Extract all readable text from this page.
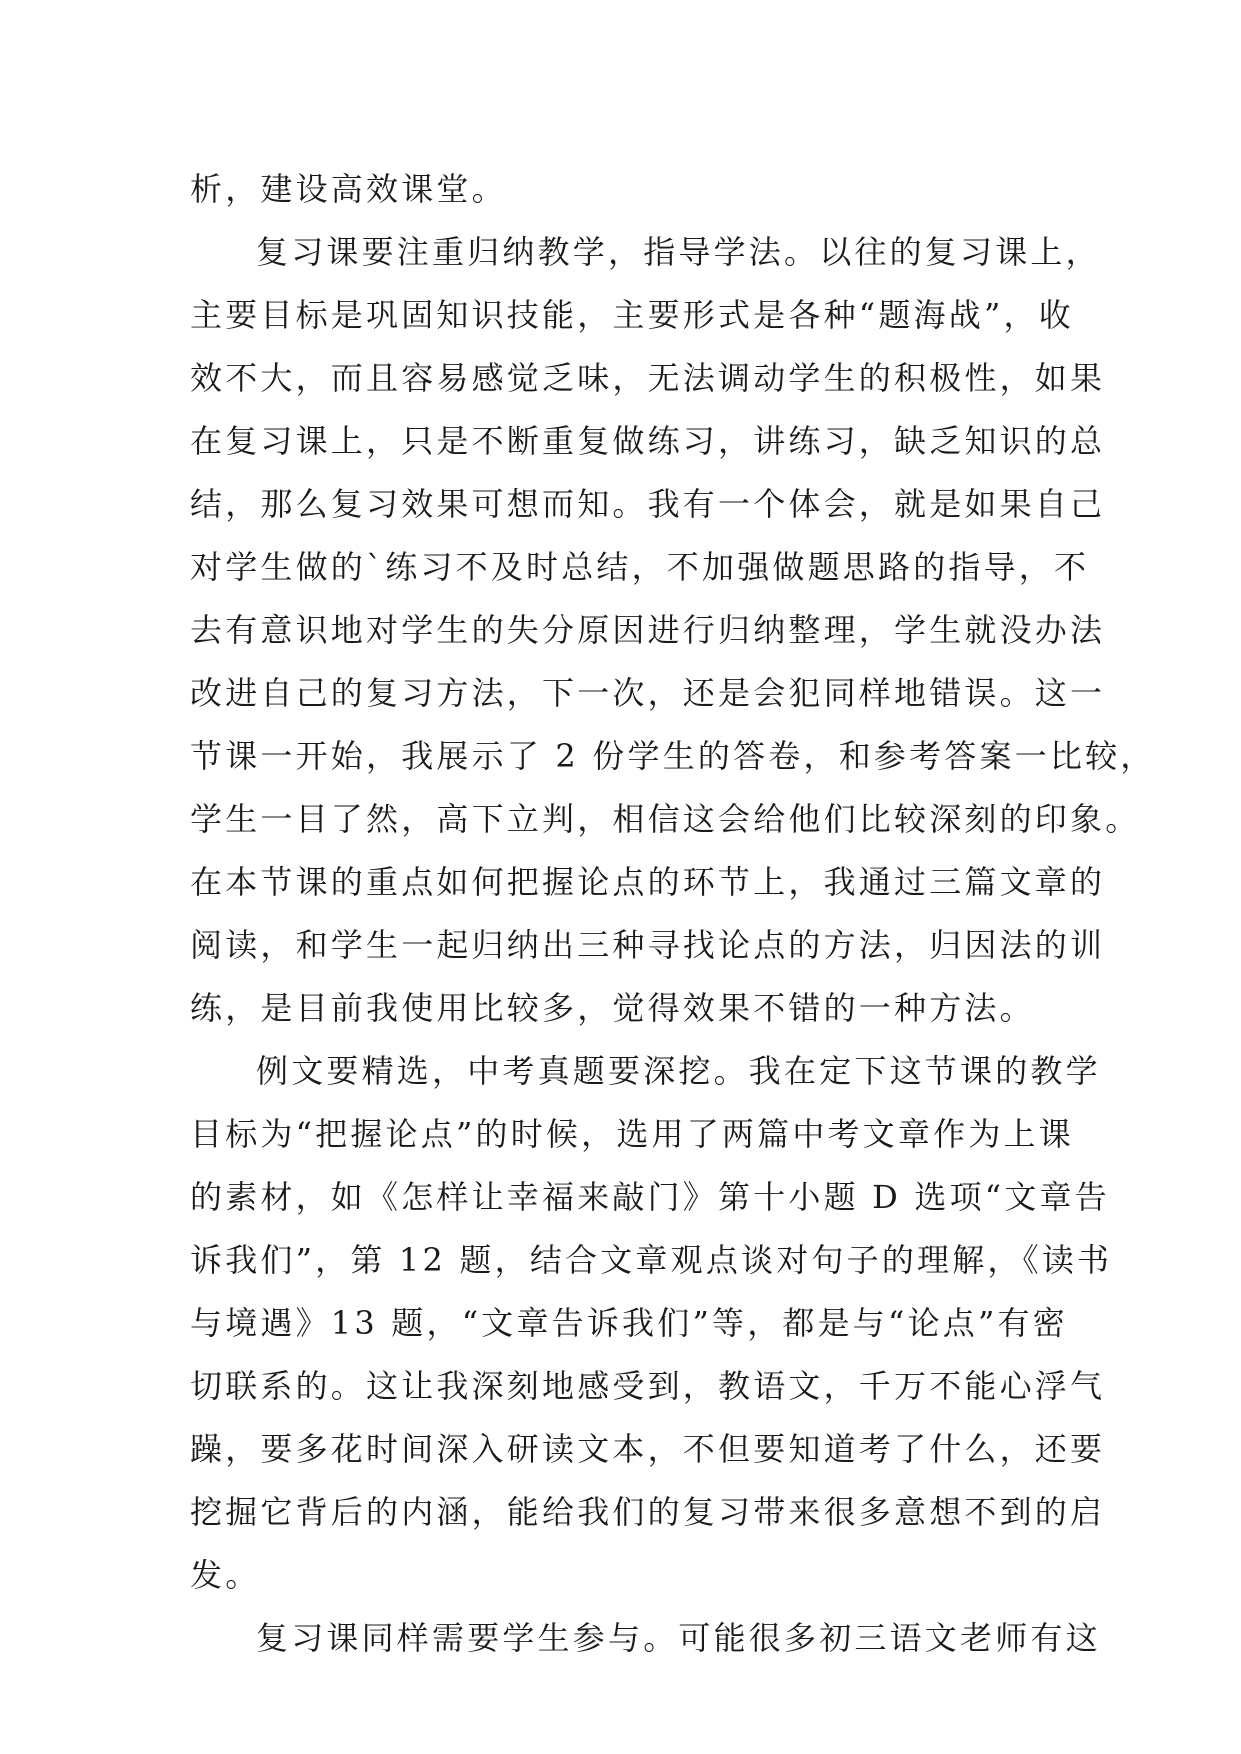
析，建设高效课堂。
复习课要注重归纳教学，指导学法。以往的复习课上，
主要目标是巩固知识技能，主要形式是各种“题海战”，收
效不大，而且容易感觉乏味，无法调动学生的积极性，如果
在复习课上，只是不断重复做练习，讲练习，缺乏知识的总
结，那么复习效果可想而知。我有一个体会，就是如果自己
对学生做的`练习不及时总结，不加强做题思路的指导，不
去有意识地对学生的失分原因进行归纳整理，学生就没办法
改进自己的复习方法，下一次，还是会犯同样地错误。这一
节课一开始，我展示了 2 份学生的答卷，和参考答案一比较，
学生一目了然，高下立判，相信这会给他们比较深刻的印象。
在本节课的重点如何把握论点的环节上，我通过三篇文章的
阅读，和学生一起归纳出三种寻找论点的方法，归因法的训
练，是目前我使用比较多，觉得效果不错的一种方法。
例文要精选，中考真题要深挖。我在定下这节课的教学
目标为“把握论点”的时候，选用了两篇中考文章作为上课
的素材，如《怎样让幸福来敲门》第十小题 D 选项“文章告
诉我们”，第 12 题，结合文章观点谈对句子的理解，《读书
与境遇》13 题，“文章告诉我们”等，都是与“论点”有密
切联系的。这让我深刻地感受到，教语文，千万不能心浮气
躁，要多花时间深入研读文本，不但要知道考了什么，还要
挖掘它背后的内涵，能给我们的复习带来很多意想不到的启
发。
复习课同样需要学生参与。可能很多初三语文老师有这
